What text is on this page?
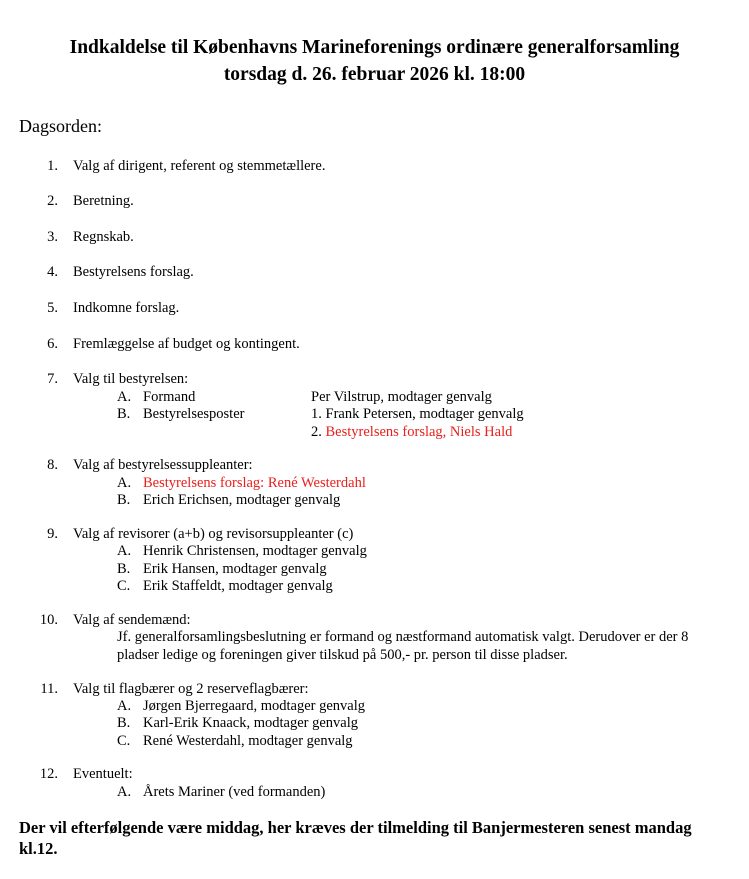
Indkaldelse til Københavns Marineforenings ordinære generalforsamling
torsdag d. 26. februar 2026 kl. 18:00
Dagsorden:
1. Valg af dirigent, referent og stemmetællere.
2. Beretning.
3. Regnskab.
4. Bestyrelsens forslag.
5. Indkomne forslag.
6. Fremlæggelse af budget og kontingent.
7. Valg til bestyrelsen:
A. Formand	Per Vilstrup, modtager genvalg
B. Bestyrelsesposter	1. Frank Petersen, modtager genvalg
2. Bestyrelsens forslag, Niels Hald
8. Valg af bestyrelsessuppleanter:
A. Bestyrelsens forslag: René Westerdahl
B. Erich Erichsen, modtager genvalg
9. Valg af revisorer (a+b) og revisorsuppleanter (c)
A. Henrik Christensen, modtager genvalg
B. Erik Hansen, modtager genvalg
C. Erik Staffeldt, modtager genvalg
10. Valg af sendemænd:
Jf. generalforsamlingsbeslutning er formand og næstformand automatisk valgt. Derudover er der 8 pladser ledige og foreningen giver tilskud på 500,- pr. person til disse pladser.
11. Valg til flagbærer og 2 reserveflagbærer:
A. Jørgen Bjerregaard, modtager genvalg
B. Karl-Erik Knaack, modtager genvalg
C. René Westerdahl, modtager genvalg
12. Eventuelt:
A. Årets Mariner (ved formanden)
Der vil efterfølgende være middag, her kræves der tilmelding til Banjermesteren senest mandag kl.12.
